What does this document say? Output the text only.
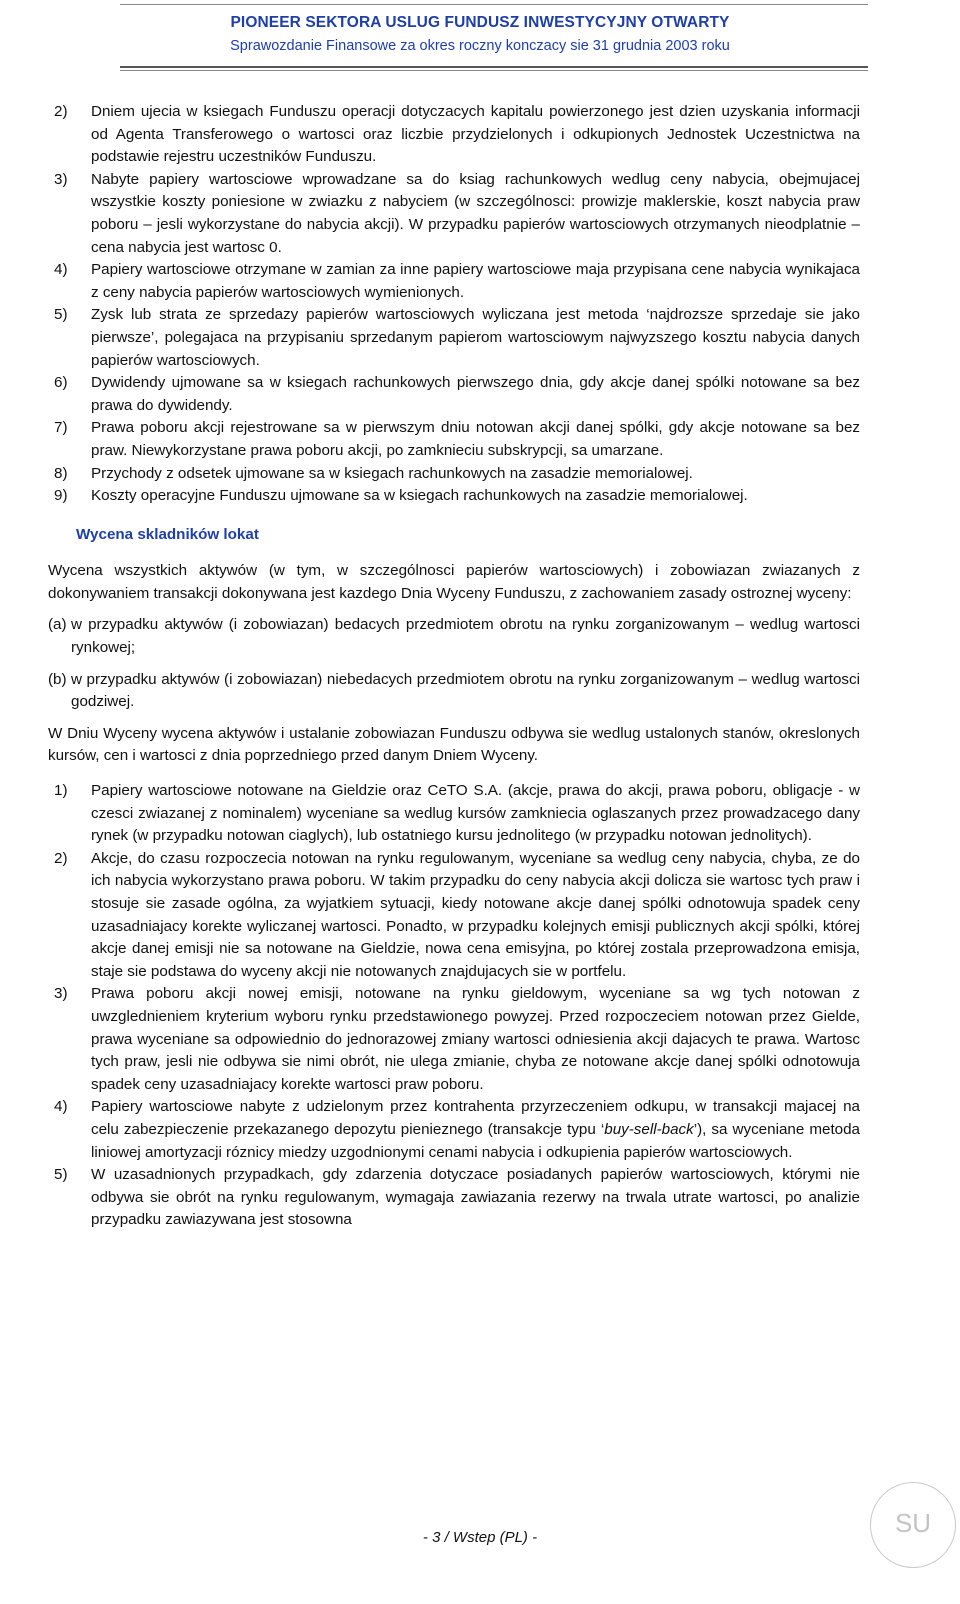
PIONEER SEKTORA USLUG FUNDUSZ INWESTYCYJNY OTWARTY
Sprawozdanie Finansowe za okres roczny konczacy sie 31 grudnia 2003 roku
2)	Dniem ujecia w ksiegach Funduszu operacji dotyczacych kapitalu powierzonego jest dzien uzyskania informacji od Agenta Transferowego o wartosci oraz liczbie przydzielonych i odkupionych Jednostek Uczestnictwa na podstawie rejestru uczestników Funduszu.
3)	Nabyte papiery wartosciowe wprowadzane sa do ksiag rachunkowych wedlug ceny nabycia, obejmujacej wszystkie koszty poniesione w zwiazku z nabyciem (w szczególnosci: prowizje maklerskie, koszt nabycia praw poboru – jesli wykorzystane do nabycia akcji). W przypadku papierów wartosciowych otrzymanych nieodplatnie – cena nabycia jest wartosc 0.
4)	Papiery wartosciowe otrzymane w zamian za inne papiery wartosciowe maja przypisana cene nabycia wynikajaca z ceny nabycia papierów wartosciowych wymienionych.
5)	Zysk lub strata ze sprzedazy papierów wartosciowych wyliczana jest metoda ‘najdrozsze sprzedaje sie jako pierwsze’, polegajaca na przypisaniu sprzedanym papierom wartosciowym najwyzszego kosztu nabycia danych papierów wartosciowych.
6)	Dywidendy ujmowane sa w ksiegach rachunkowych pierwszego dnia, gdy akcje danej spólki notowane sa bez prawa do dywidendy.
7)	Prawa poboru akcji rejestrowane sa w pierwszym dniu notowan akcji danej spólki, gdy akcje notowane sa bez praw. Niewykorzystane prawa poboru akcji, po zamknieciu subskrypcji, sa umarzane.
8)	Przychody z odsetek ujmowane sa w ksiegach rachunkowych na zasadzie memorialowej.
9)	Koszty operacyjne Funduszu ujmowane sa w ksiegach rachunkowych na zasadzie memorialowej.
Wycena skladników lokat
Wycena wszystkich aktywów (w tym, w szczególnosci papierów wartosciowych) i zobowiazan zwiazanych z dokonywaniem transakcji dokonywana jest kazdego Dnia Wyceny Funduszu, z zachowaniem zasady ostroznej wyceny:
(a) w przypadku aktywów (i zobowiazan) bedacych przedmiotem obrotu na rynku zorganizowanym – wedlug wartosci rynkowej;
(b) w przypadku aktywów (i zobowiazan) niebedacych przedmiotem obrotu na rynku zorganizowanym – wedlug wartosci godziwej.
W Dniu Wyceny wycena aktywów i ustalanie zobowiazan Funduszu odbywa sie wedlug ustalonych stanów, okreslonych kursów, cen i wartosci z dnia poprzedniego przed danym Dniem Wyceny.
1)	Papiery wartosciowe notowane na Gieldzie oraz CeTO S.A. (akcje, prawa do akcji, prawa poboru, obligacje - w czesci zwiazanej z nominalem) wyceniane sa wedlug kursów zamkniecia oglaszanych przez prowadzacego dany rynek (w przypadku notowan ciaglych), lub ostatniego kursu jednolitego (w przypadku notowan jednolitych).
2)	Akcje, do czasu rozpoczecia notowan na rynku regulowanym, wyceniane sa wedlug ceny nabycia, chyba, ze do ich nabycia wykorzystano prawa poboru. W takim przypadku do ceny nabycia akcji dolicza sie wartosc tych praw i stosuje sie zasade ogólna, za wyjatkiem sytuacji, kiedy notowane akcje danej spólki odnotowuja spadek ceny uzasadniajacy korekte wyliczanej wartosci. Ponadto, w przypadku kolejnych emisji publicznych akcji spólki, której akcje danej emisji nie sa notowane na Gieldzie, nowa cena emisyjna, po której zostala przeprowadzona emisja, staje sie podstawa do wyceny akcji nie notowanych znajdujacych sie w portfelu.
3)	Prawa poboru akcji nowej emisji, notowane na rynku gieldowym, wyceniane sa wg tych notowan z uwzglednieniem kryterium wyboru rynku przedstawionego powyzej. Przed rozpoczeciem notowan przez Gielde, prawa wyceniane sa odpowiednio do jednorazowej zmiany wartosci odniesienia akcji dajacych te prawa. Wartosc tych praw, jesli nie odbywa sie nimi obrót, nie ulega zmianie, chyba ze notowane akcje danej spólki odnotowuja spadek ceny uzasadniajacy korekte wartosci praw poboru.
4)	Papiery wartosciowe nabyte z udzielonym przez kontrahenta przyrzeczeniem odkupu, w transakcji majacej na celu zabezpieczenie przekazanego depozytu pienieznego (transakcje typu ‘buy-sell-back’), sa wyceniane metoda liniowej amortyzacji róznicy miedzy uzgodnionymi cenami nabycia i odkupienia papierów wartosciowych.
5)	W uzasadnionych przypadkach, gdy zdarzenia dotyczace posiadanych papierów wartosciowych, którymi nie odbywa sie obrót na rynku regulowanym, wymagaja zawiazania rezerwy na trwala utrate wartosci, po analizie przypadku zawiazywana jest stosowna
- 3 / Wstep (PL) -	SU
